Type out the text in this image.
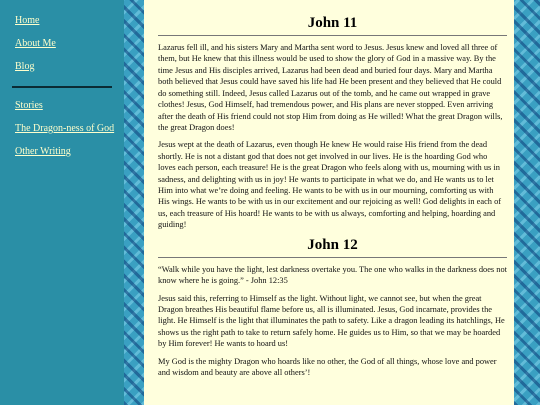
Home
About Me
Blog
Stories
The Dragon-ness of God
Other Writing
John 11

Lazarus fell ill, and his sisters Mary and Martha sent word to Jesus. Jesus knew and loved all three of them, but He knew that this illness would be used to show the glory of God in a massive way. By the time Jesus and His disciples arrived, Lazarus had been dead and buried four days. Mary and Martha both believed that Jesus could have saved his life had He been present and they believed that He could do something still. Indeed, Jesus called Lazarus out of the tomb, and he came out wrapped in grave clothes! Jesus, God Himself, had tremendous power, and His plans are never stopped. Even arriving after the death of His friend could not stop Him from doing as He willed! What the great Dragon wills, the great Dragon does!

Jesus wept at the death of Lazarus, even though He knew He would raise His friend from the dead shortly. He is not a distant god that does not get involved in our lives. He is the hoarding God who loves each person, each treasure! He is the great Dragon who feels along with us, mourning with us in sadness, and delighting with us in joy! He wants to participate in what we do, and He wants us to let Him into what we’re doing and feeling. He wants to be with us in our mourning, comforting us with His wings. He wants to be with us in our excitement and our rejoicing as well! God delights in each of us, each treasure of His hoard! He wants to be with us always, comforting and helping, hoarding and guiding!

John 12

“Walk while you have the light, lest darkness overtake you. The one who walks in the darkness does not know where he is going.” - John 12:35

Jesus said this, referring to Himself as the light. Without light, we cannot see, but when the great Dragon breathes His beautiful flame before us, all is illuminated. Jesus, God incarnate, provides the light. He Himself is the light that illuminates the path to safety. Like a dragon leading its hatchlings, He shows us the right path to take to return safely home. He guides us to Him, so that we may be hoarded by Him forever! He wants to hoard us!

My God is the mighty Dragon who hoards like no other, the God of all things, whose love and power and wisdom and beauty are above all others’!
